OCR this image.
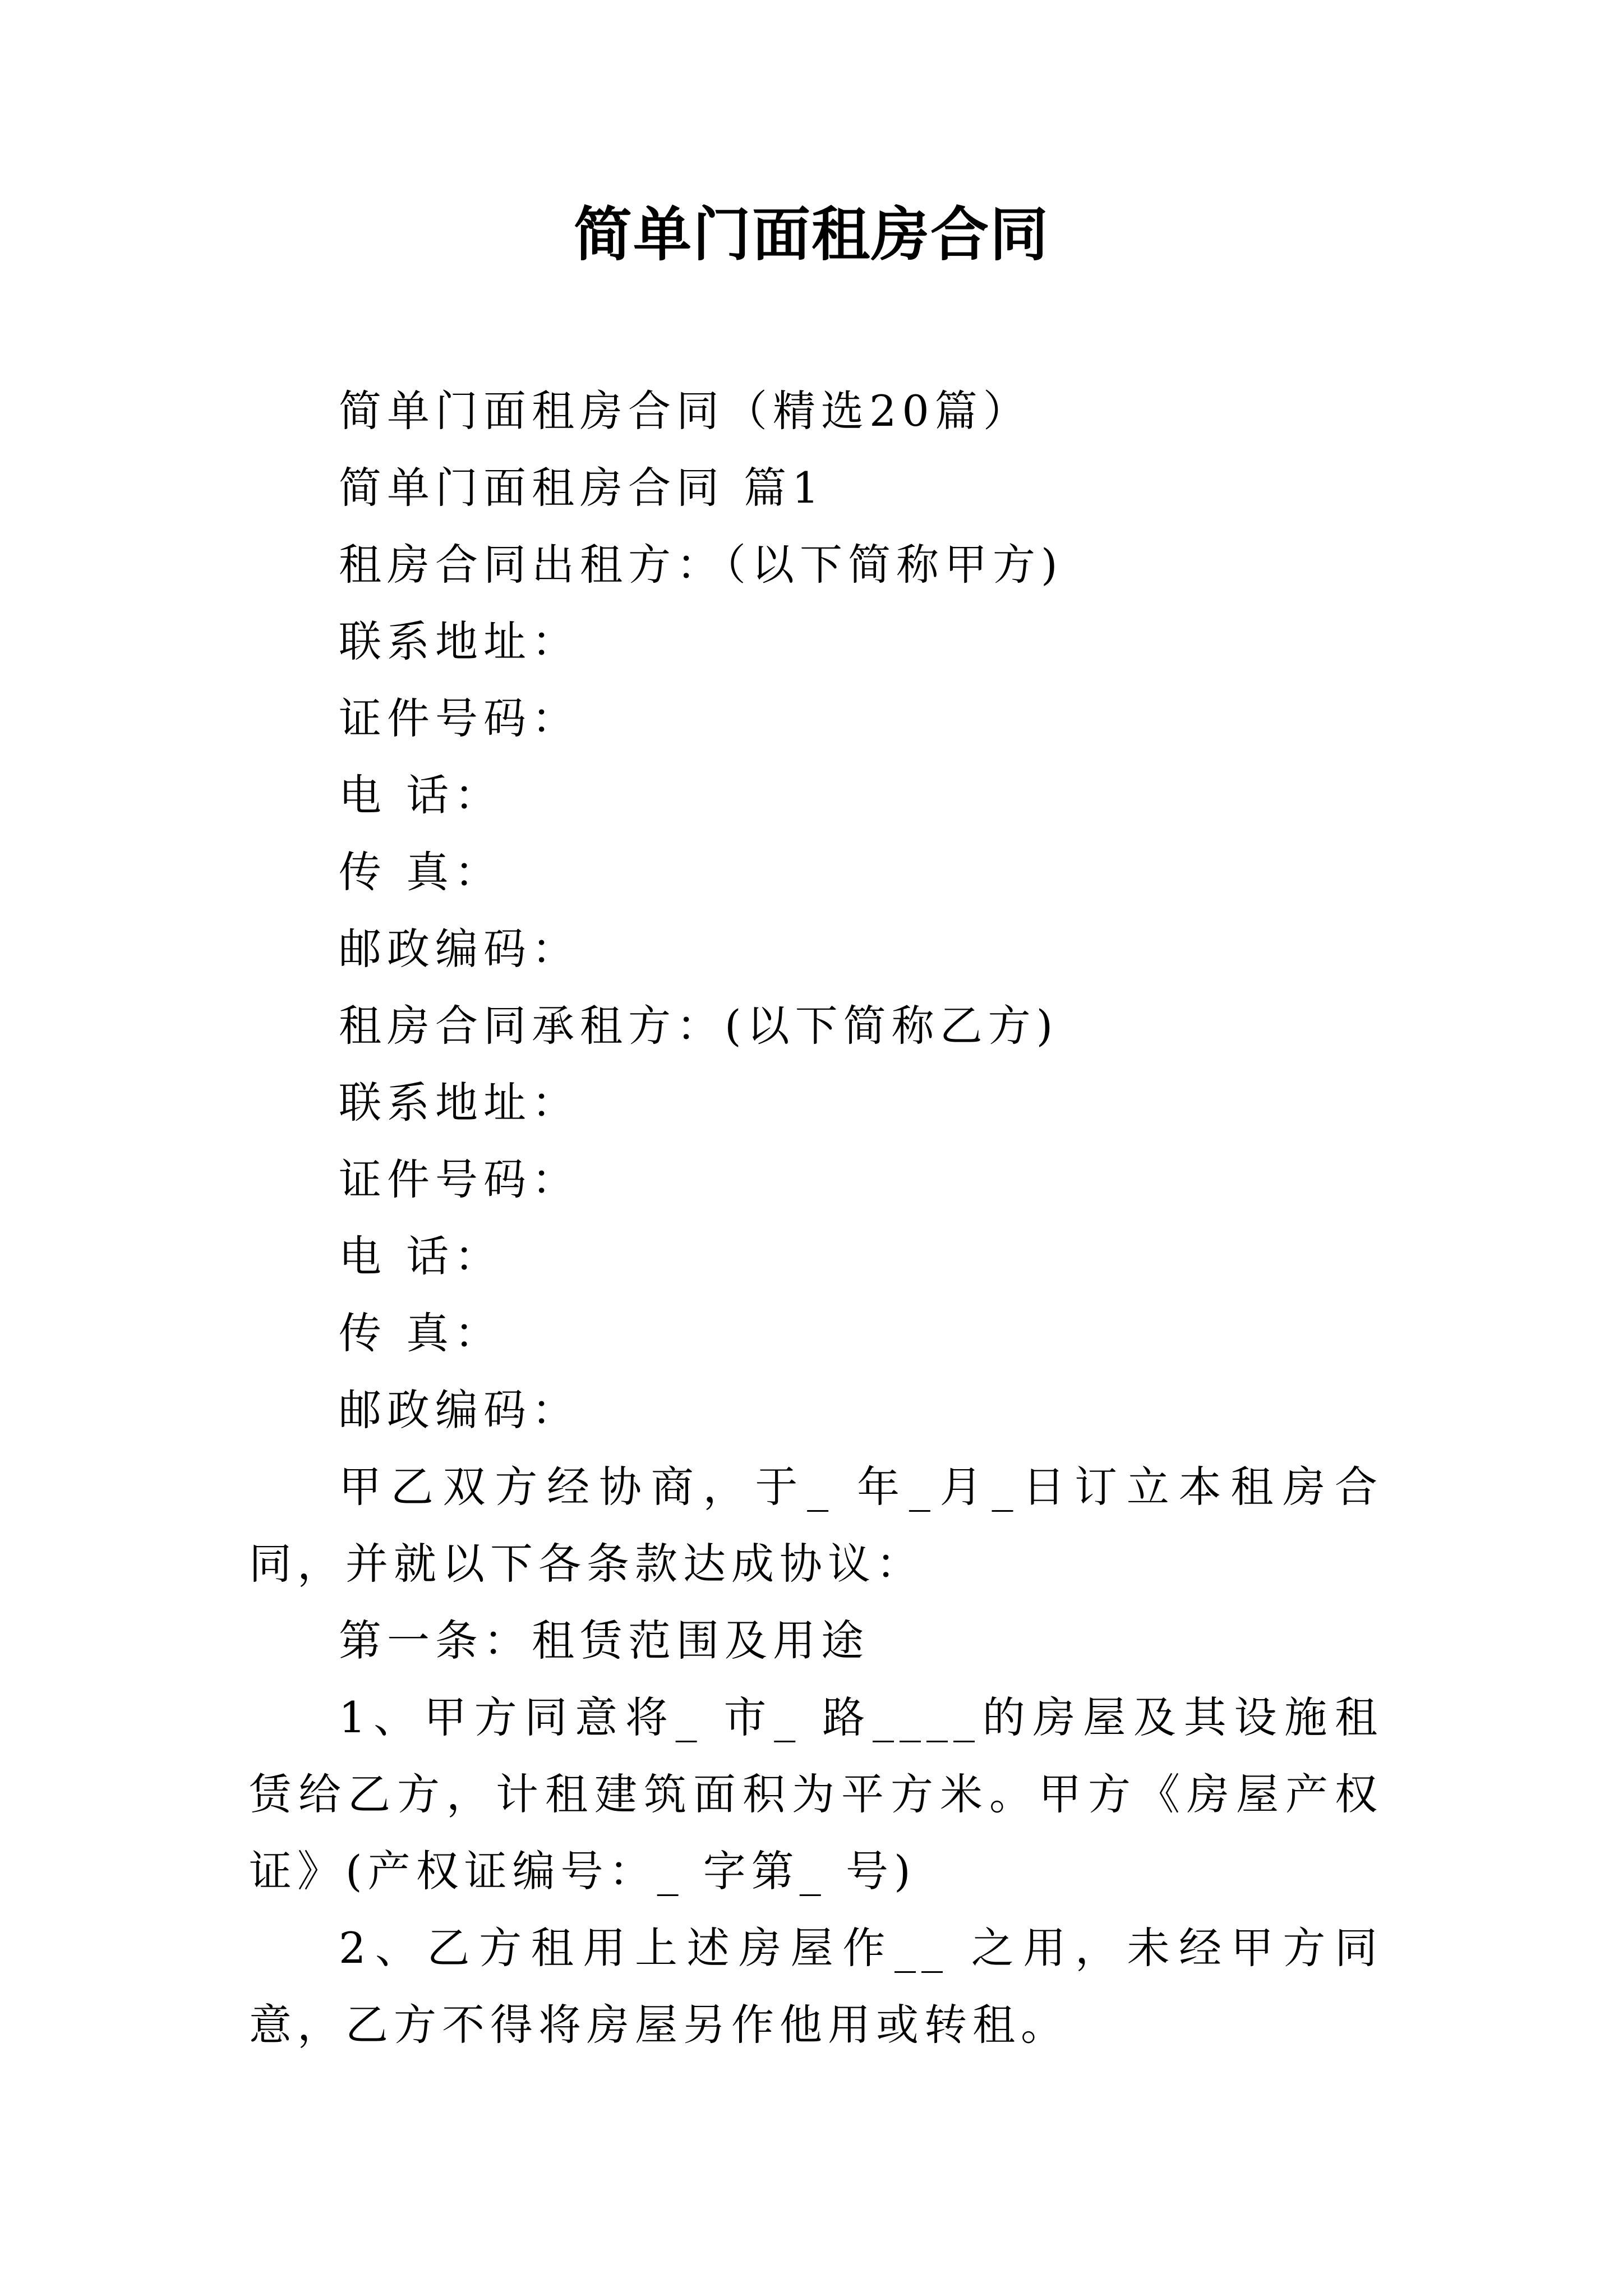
简单门面租房合同

简单门面租房合同（精选20篇）

简单门面租房合同 篇1

租房合同出租方：（以下简称甲方)

联系地址：

证件号码：

电 话：

传 真：

邮政编码：

租房合同承租方：(以下简称乙方)

联系地址：

证件号码：

电 话：

传 真：

邮政编码：

甲乙双方经协商，于_ 年_月_日订立本租房合同，并就以下各条款达成协议：

第一条：租赁范围及用途

1、甲方同意将_ 市_ 路____的房屋及其设施租赁给乙方，计租建筑面积为平方米。甲方《房屋产权证》(产权证编号：_ 字第_ 号)

2、乙方租用上述房屋作__ 之用，未经甲方同意，乙方不得将房屋另作他用或转租。
